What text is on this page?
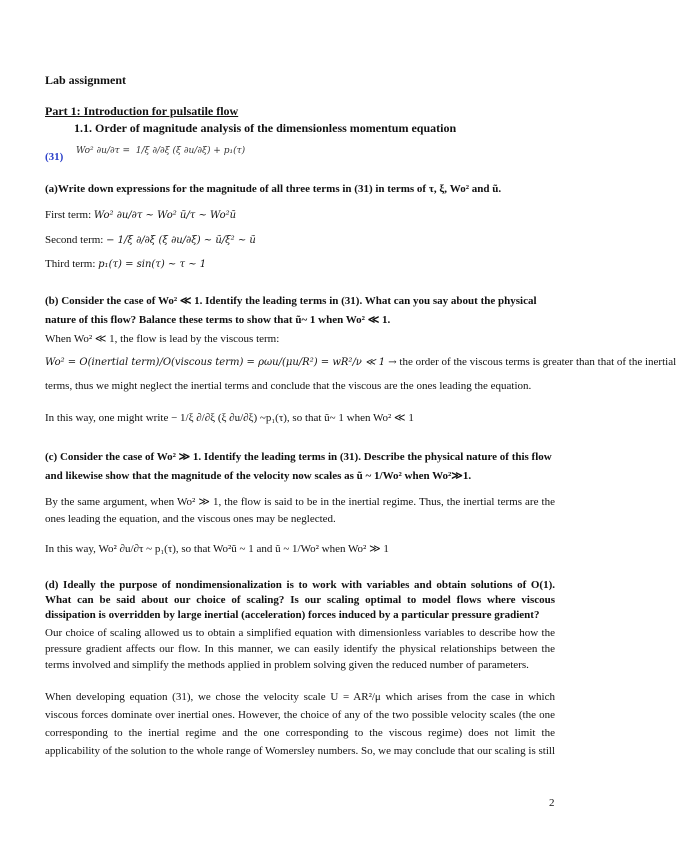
Lab assignment
Part 1: Introduction for pulsatile flow
1.1. Order of magnitude analysis of the dimensionless momentum equation
(31) Wo² ∂u/∂τ =  1/ξ ∂/∂ξ (ξ ∂u/∂ξ) + p₁(τ)
(a)Write down expressions for the magnitude of all three terms in (31) in terms of τ, ξ, Wo² and ũ.
First term: Wo² ∂u/∂τ ~ Wo² ũ/τ ~ Wo²ũ
Second term: − 1/ξ ∂/∂ξ (ξ ∂u/∂ξ) ~ ũ/ξ² ~ ũ
Third term: p₁(τ) = sin(τ) ~ τ ~ 1
(b) Consider the case of Wo² ≪ 1. Identify the leading terms in (31). What can you say about the physical
nature of this flow? Balance these terms to show that ũ~ 1 when Wo² ≪ 1.
When Wo² ≪ 1, the flow is lead by the viscous term:
Wo² = O(inertial term)/O(viscous term) = ρωu/(μu/R²) = wR²/ν ≪ 1 → the order of the viscous terms is greater than that of the inertial
terms, thus we might neglect the inertial terms and conclude that the viscous are the ones leading the equation.
In this way, one might write − 1/ξ ∂/∂ξ (ξ ∂u/∂ξ) ~p₁(τ), so that ũ~ 1 when Wo² ≪ 1
(c) Consider the case of Wo² ≫ 1. Identify the leading terms in (31). Describe the physical nature of this flow
and likewise show that the magnitude of the velocity now scales as ũ ~ 1/Wo² when Wo²≫1.
By the same argument, when Wo² ≫ 1, the flow is said to be in the inertial regime. Thus, the inertial terms are the ones leading the equation, and the viscous ones may be neglected.
In this way, Wo² ∂u/∂τ ~ p₁(τ), so that Wo²ũ ~ 1 and ũ ~ 1/Wo² when Wo² ≫ 1
(d) Ideally the purpose of nondimensionalization is to work with variables and obtain solutions of O(1). What can be said about our choice of scaling? Is our scaling optimal to model flows where viscous dissipation is overridden by large inertial (acceleration) forces induced by a particular pressure gradient?
Our choice of scaling allowed us to obtain a simplified equation with dimensionless variables to describe how the pressure gradient affects our flow. In this manner, we can easily identify the physical relationships between the terms involved and simplify the methods applied in problem solving given the reduced number of parameters.
When developing equation (31), we chose the velocity scale U = AR²/μ which arises from the case in which viscous forces dominate over inertial ones. However, the choice of any of the two possible velocity scales (the one corresponding to the inertial regime and the one corresponding to the viscous regime) does not limit the applicability of the solution to the whole range of Womersley numbers. So, we may conclude that our scaling is still
2
